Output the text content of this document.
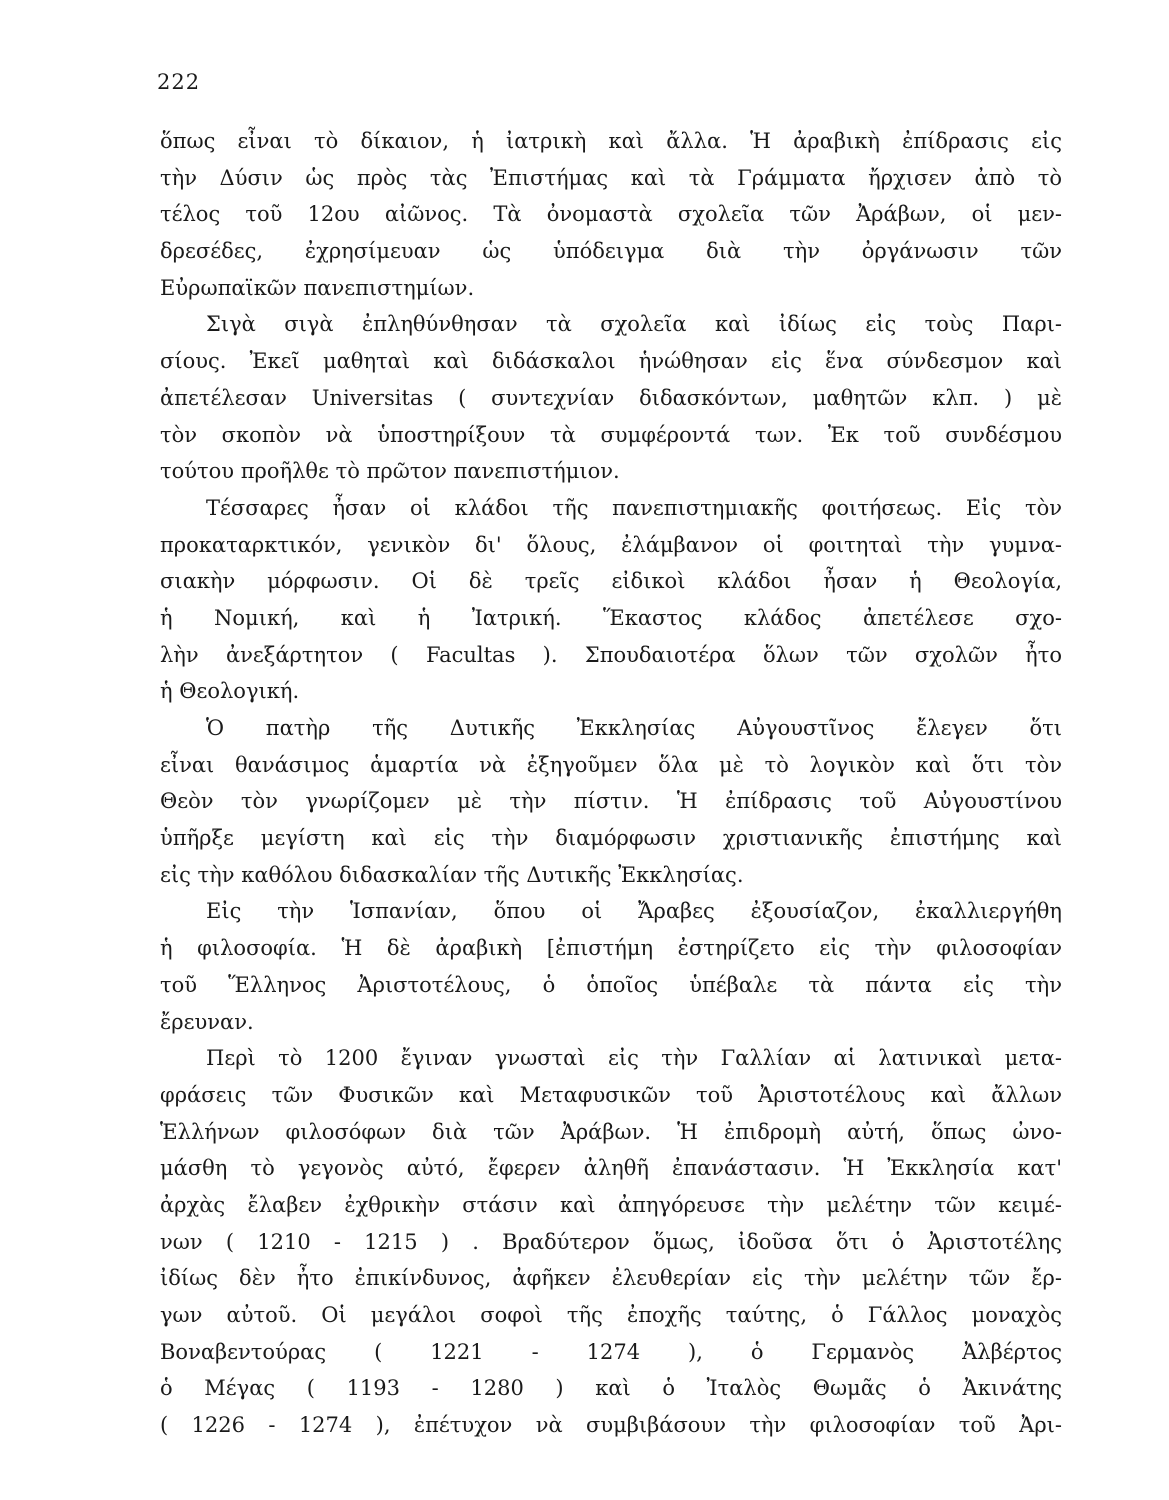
222
ὅπως εἶναι τὸ δίκαιον, ἡ ἰατρικὴ καὶ ἄλλα. Ἡ ἀραβικὴ ἐπίδρασις εἰς
τὴν Δύσιν ὡς πρὸς τὰς Ἐπιστήμας καὶ τὰ Γράμματα ἤρχισεν ἀπὸ τὸ
τέλος τοῦ 12ου αἰῶνος. Τὰ ὀνομαστὰ σχολεῖα τῶν Ἀράβων, οἱ μεν-
δρεσέδες, ἐχρησίμευαν ὡς ὑπόδειγμα διὰ τὴν ὀργάνωσιν τῶν
Εὐρωπαϊκῶν πανεπιστημίων.
Σιγὰ σιγὰ ἐπληθύνθησαν τὰ σχολεῖα καὶ ἰδίως εἰς τοὺς Παρι-
σίους. Ἐκεῖ μαθηταὶ καὶ διδάσκαλοι ἡνώθησαν εἰς ἕνα σύνδεσμον καὶ
ἀπετέλεσαν Universitas ( συντεχνίαν διδασκόντων, μαθητῶν κλπ. ) μὲ
τὸν σκοπὸν νὰ ὑποστηρίξουν τὰ συμφέροντά των. Ἐκ τοῦ συνδέσμου
τούτου προῆλθε τὸ πρῶτον πανεπιστήμιον.
Τέσσαρες ἦσαν οἱ κλάδοι τῆς πανεπιστημιακῆς φοιτήσεως. Εἰς τὸν
προκαταρκτικόν, γενικὸν δι' ὅλους, ἐλάμβανον οἱ φοιτηταὶ τὴν γυμνα-
σιακὴν μόρφωσιν. Οἱ δὲ τρεῖς εἰδικοὶ κλάδοι ἦσαν ἡ Θεολογία,
ἡ Νομική, καὶ ἡ Ἰατρική. Ἕκαστος κλάδος ἀπετέλεσε σχο-
λὴν ἀνεξάρτητον ( Facultas ). Σπουδαιοτέρα ὅλων τῶν σχολῶν ἦτο
ἡ Θεολογική.
Ὁ πατὴρ τῆς Δυτικῆς Ἐκκλησίας Αὐγουστῖνος ἔλεγεν ὅτι
εἶναι θανάσιμος ἁμαρτία νὰ ἐξηγοῦμεν ὅλα μὲ τὸ λογικὸν καὶ ὅτι τὸν
Θεὸν τὸν γνωρίζομεν μὲ τὴν πίστιν. Ἡ ἐπίδρασις τοῦ Αὐγουστίνου
ὑπῆρξε μεγίστη καὶ εἰς τὴν διαμόρφωσιν χριστιανικῆς ἐπιστήμης καὶ
εἰς τὴν καθόλου διδασκαλίαν τῆς Δυτικῆς Ἐκκλησίας.
Εἰς τὴν Ἱσπανίαν, ὅπου οἱ Ἄραβες ἐξουσίαζον, ἐκαλλιεργήθη
ἡ φιλοσοφία. Ἡ δὲ ἀραβικὴ [ἐπιστήμη ἐστηρίζετο εἰς τὴν φιλοσοφίαν
τοῦ Ἕλληνος Ἀριστοτέλους, ὁ ὁποῖος ὑπέβαλε τὰ πάντα εἰς τὴν
ἔρευναν.
Περὶ τὸ 1200 ἔγιναν γνωσταὶ εἰς τὴν Γαλλίαν αἱ λατινικαὶ μετα-
φράσεις τῶν Φυσικῶν καὶ Μεταφυσικῶν τοῦ Ἀριστοτέλους καὶ ἄλλων
Ἑλλήνων φιλοσόφων διὰ τῶν Ἀράβων. Ἡ ἐπιδρομὴ αὐτή, ὅπως ὠνο-
μάσθη τὸ γεγονὸς αὐτό, ἔφερεν ἀληθῆ ἐπανάστασιν. Ἡ Ἐκκλησία κατ'
ἀρχὰς ἔλαβεν ἐχθρικὴν στάσιν καὶ ἀπηγόρευσε τὴν μελέτην τῶν κειμέ-
νων ( 1210 - 1215 ) . Βραδύτερον ὅμως, ἰδοῦσα ὅτι ὁ Ἀριστοτέλης
ἰδίως δὲν ἦτο ἐπικίνδυνος, ἀφῆκεν ἐλευθερίαν εἰς τὴν μελέτην τῶν ἔρ-
γων αὐτοῦ. Οἱ μεγάλοι σοφοὶ τῆς ἐποχῆς ταύτης, ὁ Γάλλος μοναχὸς
Βοναβεντούρας ( 1221 - 1274 ), ὁ Γερμανὸς Ἀλβέρτος
ὁ Μέγας ( 1193 - 1280 ) καὶ ὁ Ἰταλὸς Θωμᾶς ὁ Ἀκινάτης
( 1226 - 1274 ), ἐπέτυχον νὰ συμβιβάσουν τὴν φιλοσοφίαν τοῦ Ἀρι-
